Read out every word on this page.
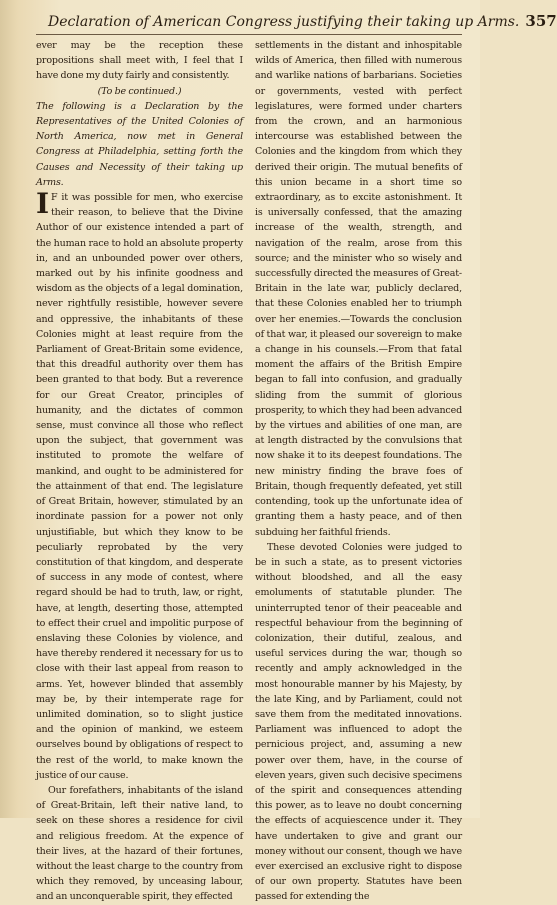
Declaration of American Congress justifying their taking up Arms. 357

ever may be the reception these propositions shall meet with, I feel that I have done my duty fairly and consistently.

(To be continued.)

The following is a Declaration by the Representatives of the United Colonies of North America, now met in General Congress at Philadelphia, setting forth the Causes and Necessity of their taking up Arms.

I F it was possible for men, who exercise their reason, to believe that the Divine Author of our existence intended a part of the human race to hold an absolute property in, and an unbounded power over others, marked out by his infinite goodness and wisdom as the objects of a legal domination, never rightfully resistible, however severe and oppressive, the inhabitants of these Colonies might at least require from the Parliament of Great-Britain some evidence, that this dreadful authority over them has been granted to that body. But a reverence for our Great Creator, principles of humanity, and the dictates of common sense, must convince all those who reflect upon the subject, that government was instituted to promote the welfare of mankind, and ought to be administered for the attainment of that end. The legislature of Great Britain, however, stimulated by an inordinate passion for a power not only unjustifiable, but which they know to be peculiarly reprobated by the very constitution of that kingdom, and desperate of success in any mode of contest, where regard should be had to truth, law, or right, have, at length, deserting those, attempted to effect their cruel and impolitic purpose of enslaving these Colonies by violence, and have thereby rendered it necessary for us to close with their last appeal from reason to arms. Yet, however blinded that assembly may be, by their intemperate rage for unlimited domination, so to slight justice and the opinion of mankind, we esteem ourselves bound by obligations of respect to the rest of the world, to make known the justice of our cause.

Our forefathers, inhabitants of the island of Great-Britain, left their native land, to seek on these shores a residence for civil and religious freedom. At the expence of their lives, at the hazard of their fortunes, without the least charge to the country from which they removed, by unceasing labour, and an unconquerable spirit, they effected

settlements in the distant and inhospitable wilds of America, then filled with numerous and warlike nations of barbarians. Societies or governments, vested with perfect legislatures, were formed under charters from the crown, and an harmonious intercourse was established between the Colonies and the kingdom from which they derived their origin. The mutual benefits of this union became in a short time so extraordinary, as to excite astonishment. It is universally confessed, that the amazing increase of the wealth, strength, and navigation of the realm, arose from this source; and the minister who so wisely and successfully directed the measures of Great-Britain in the late war, publicly declared, that these Colonies enabled her to triumph over her enemies.—Towards the conclusion of that war, it pleased our sovereign to make a change in his counsels.—From that fatal moment the affairs of the British Empire began to fall into confusion, and gradually sliding from the summit of glorious prosperity, to which they had been advanced by the virtues and abilities of one man, are at length distracted by the convulsions that now shake it to its deepest foundations. The new ministry finding the brave foes of Britain, though frequently defeated, yet still contending, took up the unfortunate idea of granting them a hasty peace, and of then subduing her faithful friends.

These devoted Colonies were judged to be in such a state, as to present victories without bloodshed, and all the easy emoluments of statutable plunder. The uninterrupted tenor of their peaceable and respectful behaviour from the beginning of colonization, their dutiful, zealous, and useful services during the war, though so recently and amply acknowledged in the most honourable manner by his Majesty, by the late King, and by Parliament, could not save them from the meditated innovations. Parliament was influenced to adopt the pernicious project, and, assuming a new power over them, have, in the course of eleven years, given such decisive specimens of the spirit and consequences attending this power, as to leave no doubt concerning the effects of acquiescence under it. They have undertaken to give and grant our money without our consent, though we have ever exercised an exclusive right to dispose of our own property. Statutes have been passed for extending the
